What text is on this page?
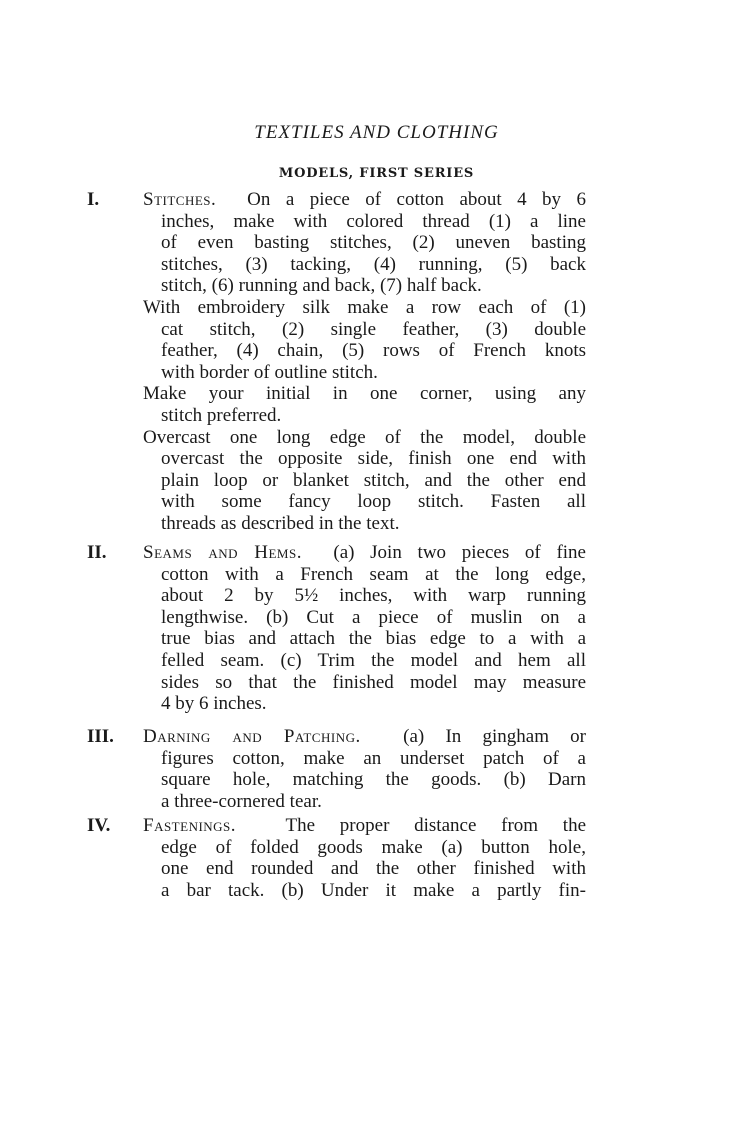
TEXTILES AND CLOTHING
MODELS, FIRST SERIES
I. Stitches. On a piece of cotton about 4 by 6
inches, make with colored thread (1) a line
of even basting stitches, (2) uneven basting
stitches, (3) tacking, (4) running, (5) back
stitch, (6) running and back, (7) half back.
With embroidery silk make a row each of (1)
cat stitch, (2) single feather, (3) double
feather, (4) chain, (5) rows of French knots
with border of outline stitch.
Make your initial in one corner, using any
stitch preferred.
Overcast one long edge of the model, double
overcast the opposite side, finish one end with
plain loop or blanket stitch, and the other end
with some fancy loop stitch. Fasten all
threads as described in the text.
II. Seams and Hems. (a) Join two pieces of fine
cotton with a French seam at the long edge,
about 2 by 5½ inches, with warp running
lengthwise. (b) Cut a piece of muslin on a
true bias and attach the bias edge to a with a
felled seam. (c) Trim the model and hem all
sides so that the finished model may measure
4 by 6 inches.
III. Darning and Patching. (a) In gingham or
figures cotton, make an underset patch of a
square hole, matching the goods. (b) Darn
a three-cornered tear.
IV. Fastenings.	The proper distance from the
edge of folded goods make (a) button hole,
one end rounded and the other finished with
a bar tack. (b) Under it make a partly fin-
